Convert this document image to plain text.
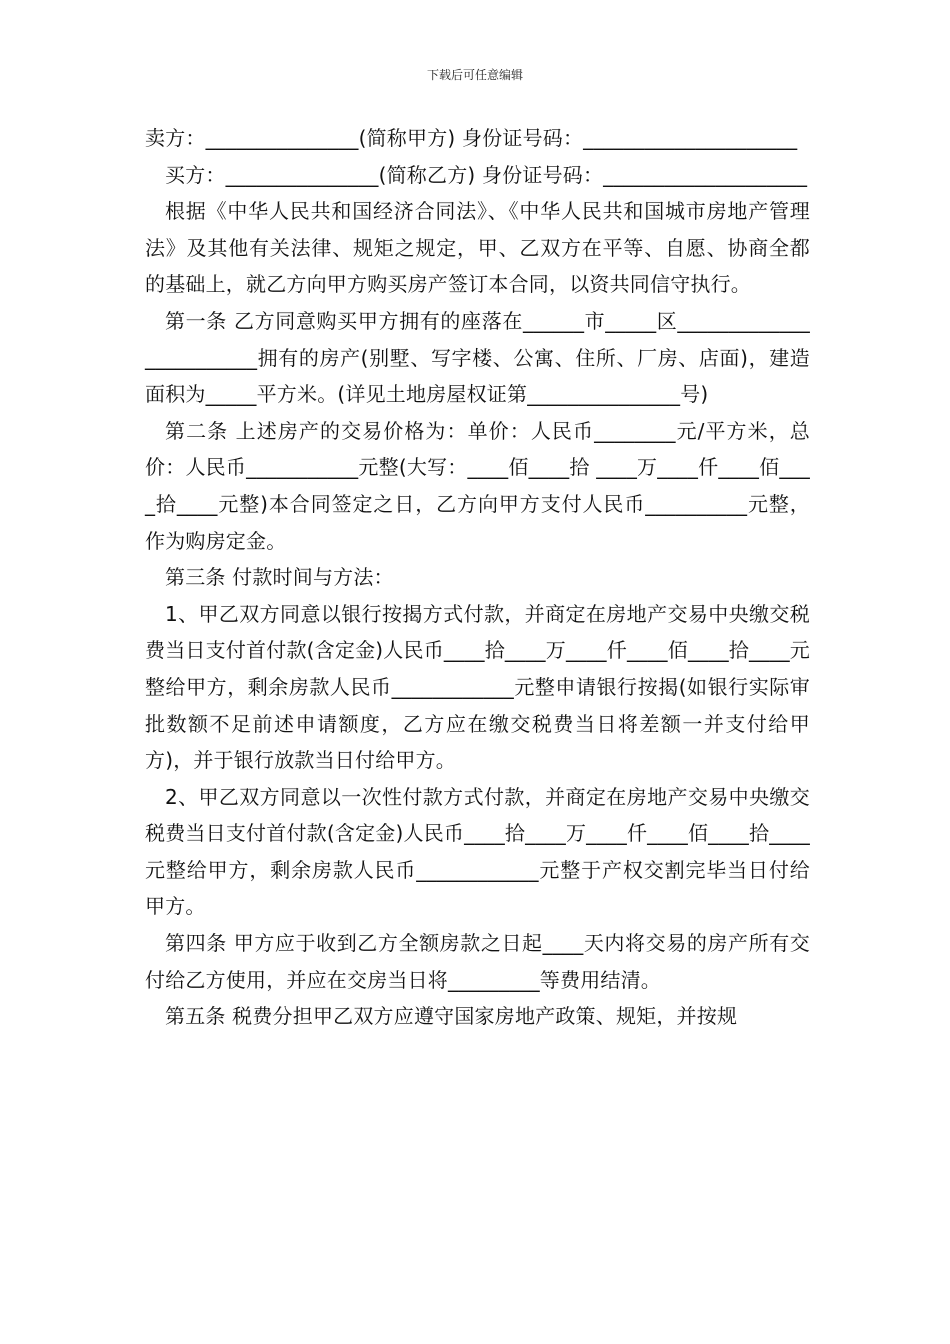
下载后可任意编辑

卖方：_______________(简称甲方) 身份证号码：_____________________

买方：_______________(简称乙方) 身份证号码：____________________

根据《中华人民共和国经济合同法》、《中华人民共和国城市房地产管理法》及其他有关法律、规矩之规定，甲、乙双方在平等、自愿、协商全都的基础上，就乙方向甲方购买房产签订本合同，以资共同信守执行。

第一条 乙方同意购买甲方拥有的座落在______市_____区________________________拥有的房产(别墅、写字楼、公寓、住所、厂房、店面)，建造面积为_____平方米。(详见土地房屋权证第_______________号)

第二条 上述房产的交易价格为：单价：人民币________元/平方米，总价：人民币___________元整(大写：____佰____拾 ____万____仟____佰____拾____元整)本合同签定之日，乙方向甲方支付人民币__________元整，作为购房定金。

第三条 付款时间与方法：

1、甲乙双方同意以银行按揭方式付款，并商定在房地产交易中央缴交税费当日支付首付款(含定金)人民币____拾____万____仟____佰____拾____元整给甲方，剩余房款人民币____________元整申请银行按揭(如银行实际审批数额不足前述申请额度，乙方应在缴交税费当日将差额一并支付给甲方)，并于银行放款当日付给甲方。

2、甲乙双方同意以一次性付款方式付款，并商定在房地产交易中央缴交税费当日支付首付款(含定金)人民币____拾____万____仟____佰____拾____元整给甲方，剩余房款人民币____________元整于产权交割完毕当日付给甲方。

第四条 甲方应于收到乙方全额房款之日起____天内将交易的房产所有交付给乙方使用，并应在交房当日将_________等费用结清。

第五条 税费分担甲乙双方应遵守国家房地产政策、规矩，并按规
